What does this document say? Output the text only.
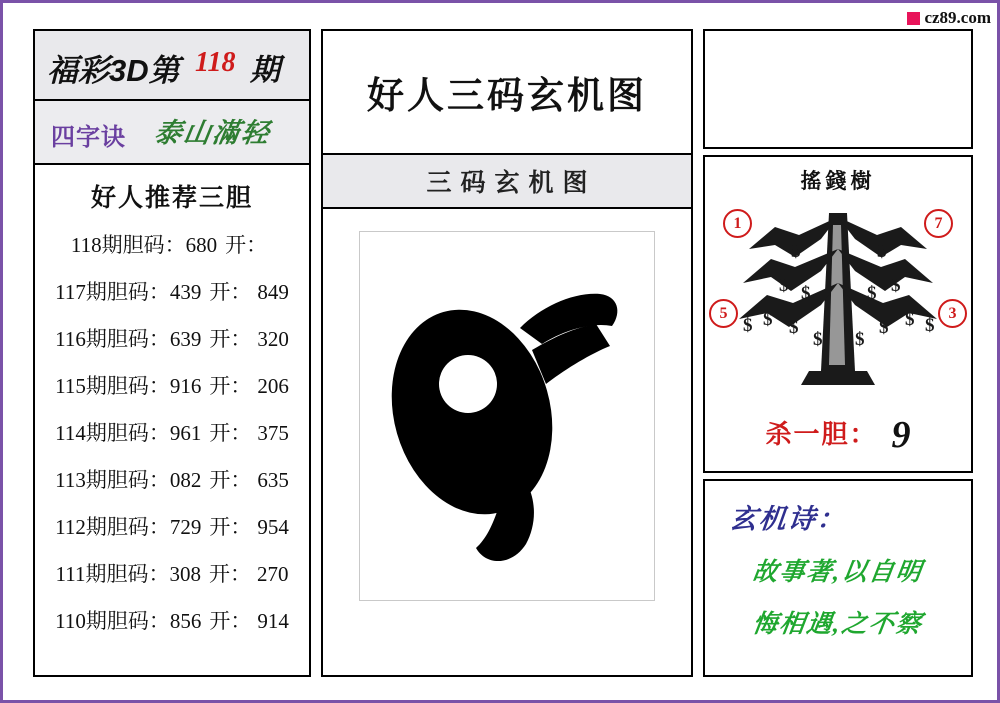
cz89.com
福彩3D第 118 期
四字诀 泰山滿轻
好人推荐三胆
118期胆码：680 开：
117期胆码：439 开： 849
116期胆码：639 开： 320
115期胆码：916 开： 206
114期胆码：961 开： 375
113期胆码：082 开： 635
112期胆码：729 开： 954
111期胆码：308 开： 270
110期胆码：856 开： 914
好人三码玄机图
三码玄机图	搖錢樹
1	7
5	3
$	$
$	$
$	$
$	$
$	$
$ $
$	$
杀一胆： 9
玄机诗：
故事著,以自明
悔相遇,之不察
